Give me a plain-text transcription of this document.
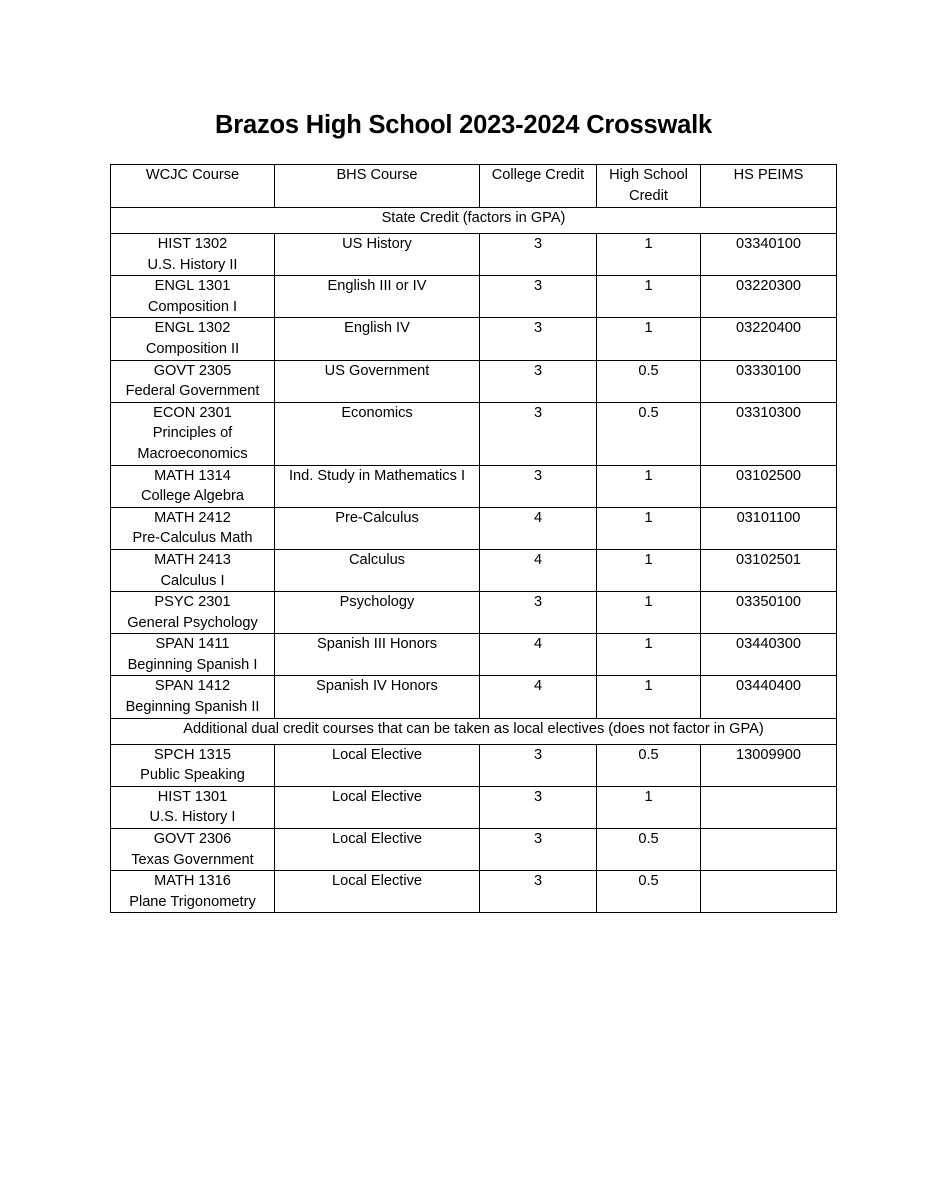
Brazos High School 2023-2024 Crosswalk
WCJC Course	BHS Course	College Credit	High School Credit	HS PEIMS
State Credit (factors in GPA)				

HIST 1302
U.S. History II	US History	3	1	03340100

ENGL 1301
Composition I	English III or IV	3	1	03220300

ENGL 1302
Composition II	English IV	3	1	03220400

GOVT 2305
Federal Government	US Government	3	0.5	03330100

ECON 2301
Principles of
Macroeconomics	Economics	3	0.5	03310300

MATH 1314
College Algebra	Ind. Study in Mathematics I	3	1	03102500

MATH 2412
Pre-Calculus Math	Pre-Calculus	4	1	03101100

MATH 2413
Calculus I	Calculus	4	1	03102501

PSYC 2301
General Psychology	Psychology	3	1	03350100

SPAN 1411
Beginning Spanish I	Spanish III Honors	4	1	03440300

SPAN 1412
Beginning Spanish II	Spanish IV Honors	4	1	03440400
Additional dual credit courses that can be taken as local electives (does not factor in GPA)				

SPCH 1315
Public Speaking	Local Elective	3	0.5	13009900

HIST 1301
U.S. History I	Local Elective	3	1	

GOVT 2306
Texas Government	Local Elective	3	0.5	

MATH 1316
Plane Trigonometry	Local Elective	3	0.5	
